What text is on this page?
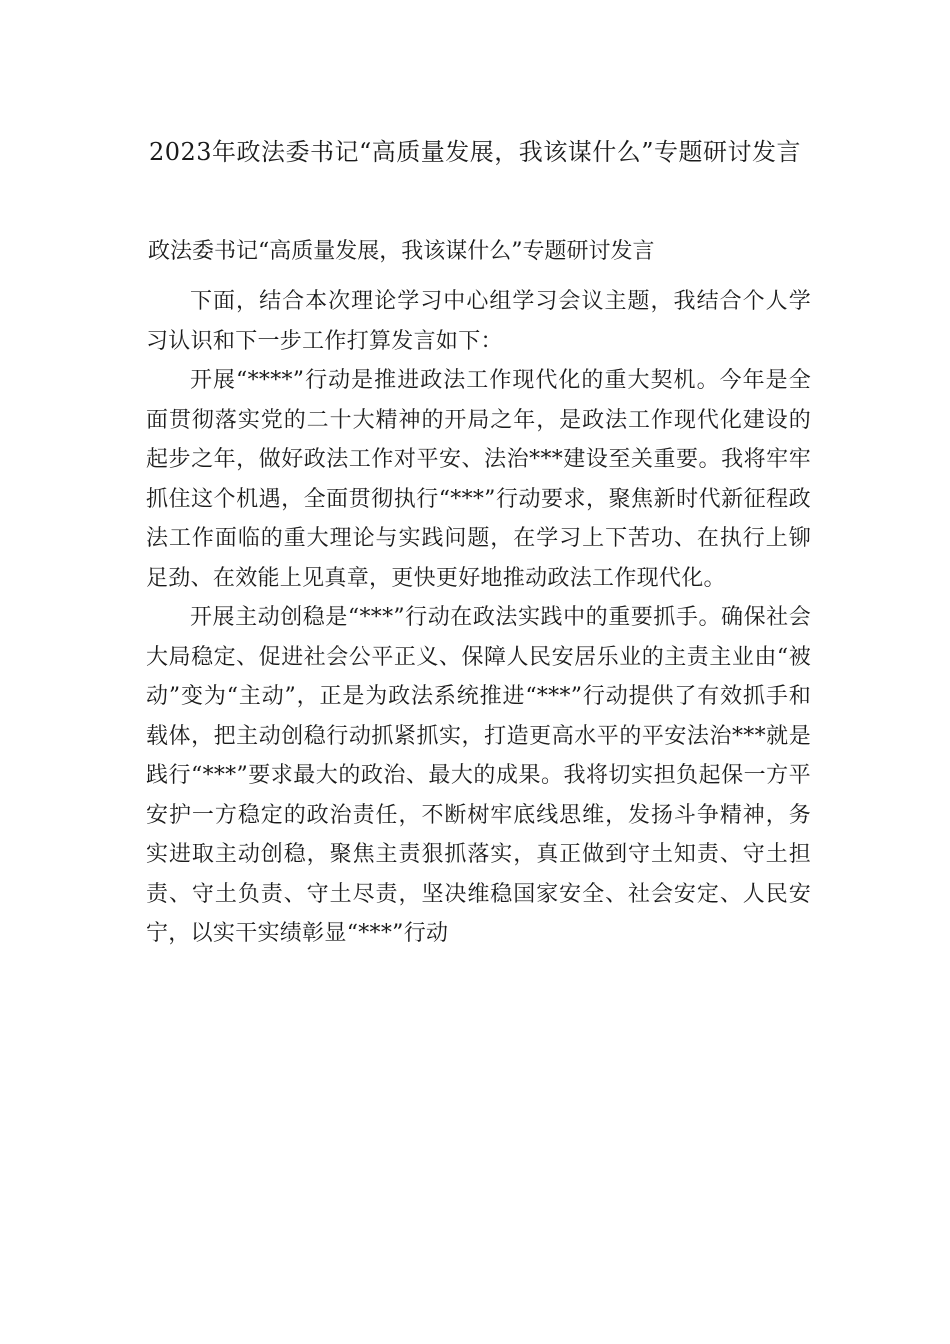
2023年政法委书记“高质量发展，我该谋什么”专题研讨发言
政法委书记“高质量发展，我该谋什么”专题研讨发言

下面，结合本次理论学习中心组学习会议主题，我结合个人学习认识和下一步工作打算发言如下：

开展“****”行动是推进政法工作现代化的重大契机。今年是全面贯彻落实党的二十大精神的开局之年，是政法工作现代化建设的起步之年，做好政法工作对平安、法治***建设至关重要。我将牢牢抓住这个机遇，全面贯彻执行“***”行动要求，聚焦新时代新征程政法工作面临的重大理论与实践问题，在学习上下苦功、在执行上铆足劲、在效能上见真章，更快更好地推动政法工作现代化。

开展主动创稳是“***”行动在政法实践中的重要抓手。确保社会大局稳定、促进社会公平正义、保障人民安居乐业的主责主业由“被动”变为“主动”，正是为政法系统推进“***”行动提供了有效抓手和载体，把主动创稳行动抓紧抓实，打造更高水平的平安法治***就是践行“***”要求最大的政治、最大的成果。我将切实担负起保一方平安护一方稳定的政治责任，不断树牢底线思维，发扬斗争精神，务实进取主动创稳，聚焦主责狠抓落实，真正做到守土知责、守土担责、守土负责、守土尽责，坚决维稳国家安全、社会安定、人民安宁，以实干实绩彰显“***”行动
